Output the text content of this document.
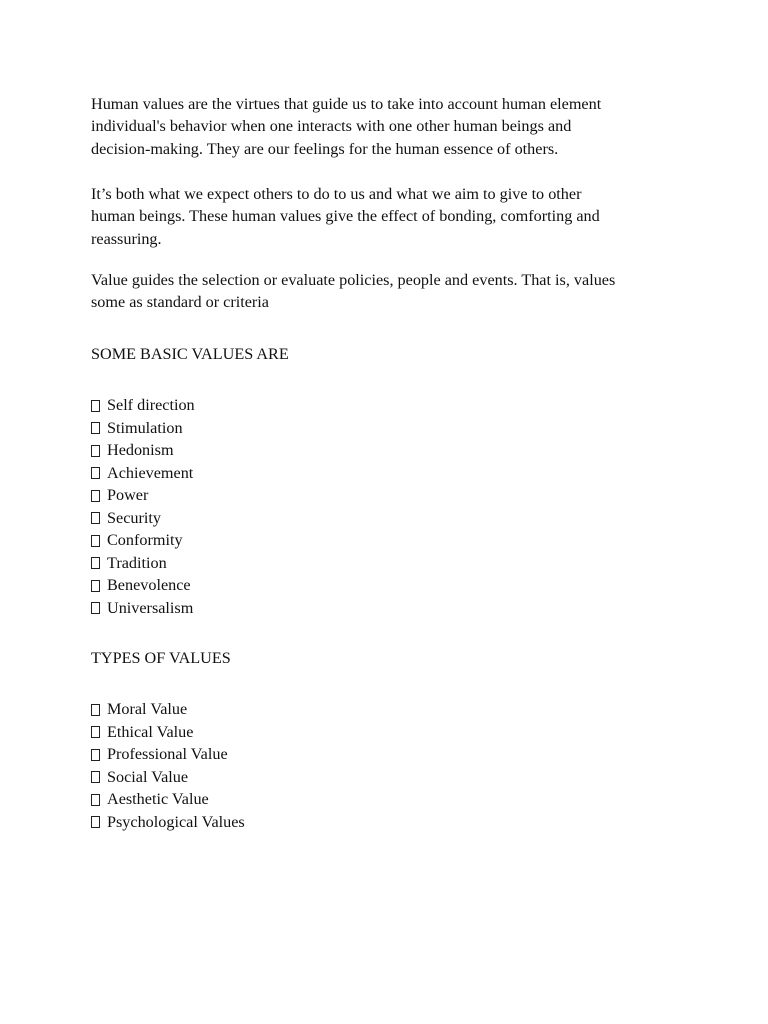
Human values are the virtues that guide us to take into account human element
individual's behavior when one interacts with one other human beings and
decision-making. They are our feelings for the human essence of others.

It’s both what we expect others to do to us and what we aim to give to other
human beings. These human values give the effect of bonding, comforting and
reassuring.

Value guides the selection or evaluate policies, people and events. That is, values
some as standard or criteria

SOME BASIC VALUES ARE
Self direction
Stimulation
Hedonism
Achievement
Power
Security
Conformity
Tradition
Benevolence
Universalism
TYPES OF VALUES
Moral Value
Ethical Value
Professional Value
Social Value
Aesthetic Value
Psychological Values
